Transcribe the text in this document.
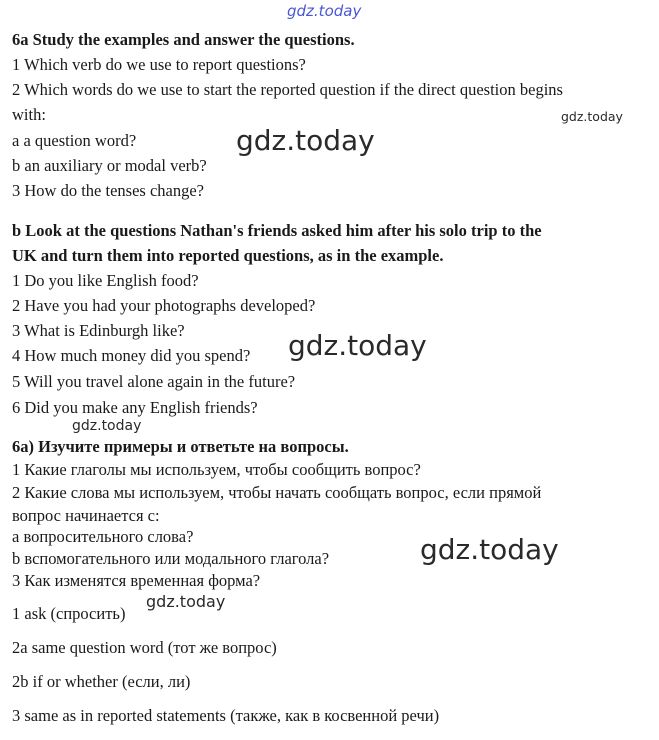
gdz.today
gdz.today
gdz.today
gdz.today
gdz.today
gdz.today
gdz.today
6a Study the examples and answer the questions.
1 Which verb do we use to report questions?
2 Which words do we use to start the reported question if the direct question begins
with:
a a question word?
b an auxiliary or modal verb?
3 How do the tenses change?
b Look at the questions Nathan's friends asked him after his solo trip to the
UK and turn them into reported questions, as in the example.
1 Do you like English food?
2 Have you had your photographs developed?
3 What is Edinburgh like?
4 How much money did you spend?
5 Will you travel alone again in the future?
6 Did you make any English friends?
6а) Изучите примеры и ответьте на вопросы.
1 Какие глаголы мы используем, чтобы сообщить вопрос?
2 Какие слова мы используем, чтобы начать сообщать вопрос, если прямой
вопрос начинается с:
a вопросительного слова?
b вспомогательного или модального глагола?
3 Как изменятся временная форма?
1 ask (спросить)
2a same question word (тот же вопрос)
2b if or whether (если, ли)
3 same as in reported statements (также, как в косвенной речи)
